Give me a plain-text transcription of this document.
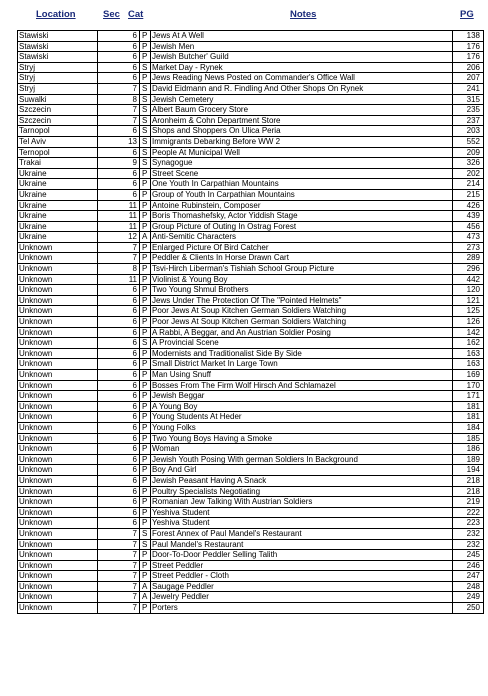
Location	Sec Cat	Notes	PG
Stawiski	6	P	Jews At A Well	138
Stawiski	6	P	Jewish Men	176
Stawiski	6	P	Jewish Butcher' Guild	176
Stryj	6	S	Market Day - Rynek	206
Stryj	6	P	Jews Reading News Posted on Commander's Office Wall	207
Stryj	7	S	David Eidmann and R. Findling And Other Shops On Rynek	241
Suwalki	8	S	Jewish Cemetery	315
Szczecin	7	S	Albert Baum Grocery Store	235
Szczecin	7	S	Aronheim & Cohn Department Store	237
Tarnopol	6	S	Shops and Shoppers On Ulica Peria	203
Tel Aviv	13	S	Immigrants Debarking Before WW 2	552
Ternopol	6	S	People At Municipal Well	209
Trakai	9	S	Synagogue	326
Ukraine	6	P	Street Scene	202
Ukraine	6	P	One Youth In Carpathian Mountains	214
Ukraine	6	P	Group of Youth In Carpathian Mountains	215
Ukraine	11	P	Antoine Rubinstein, Composer	426
Ukraine	11	P	Boris Thomashefsky, Actor Yiddish Stage	439
Ukraine	11	P	Group Picture of Outing In Ostrag Forest	456
Ukraine	12	A	Anti-Semitic Characters	473
Unknown	7	P	Enlarged Picture Of Bird Catcher	273
Unknown	7	P	Peddler & Clients In Horse Drawn Cart	289
Unknown	8	P	Tsvi-Hirch Liberman's Tishiah School Group Picture	296
Unknown	11	P	Violinist & Young Boy	442
Unknown	6	P	Two Young Shmul Brothers	120
Unknown	6	P	Jews Under The Protection Of The "Pointed Helmets"	121
Unknown	6	P	Poor Jews At Soup Kitchen German Soldiers Watching	125
Unknown	6	P	Poor Jews At Soup Kitchen German Soldiers Watching	126
Unknown	6	P	A Rabbi, A Beggar, and An Austrian Soldier Posing	142
Unknown	6	S	A Provincial Scene	162
Unknown	6	P	Modernists and Traditionalist Side By Side	163
Unknown	6	P	Small District Market In Large Town	163
Unknown	6	P	Man Using Snuff	169
Unknown	6	P	Bosses From The Firm Wolf Hirsch And Schlamazel	170
Unknown	6	P	Jewish Beggar	171
Unknown	6	P	A Young Boy	181
Unknown	6	P	Young Students At Heder	181
Unknown	6	P	Young Folks	184
Unknown	6	P	Two Young Boys Having a Smoke	185
Unknown	6	P	Woman	186
Unknown	6	P	Jewish Youth Posing With german Soldiers In Background	189
Unknown	6	P	Boy And Girl	194
Unknown	6	P	Jewish Peasant Having A Snack	218
Unknown	6	P	Poultry Specialists Negotiating	218
Unknown	6	P	Romanian Jew Talking With Austrian Soldiers	219
Unknown	6	P	Yeshiva Student	222
Unknown	6	P	Yeshiva Student	223
Unknown	7	S	Forest Annex of Paul Mandel's Restaurant	232
Unknown	7	S	Paul Mandel's Restaurant	232
Unknown	7	P	Door-To-Door Peddler Selling Talith	245
Unknown	7	P	Street Peddler	246
Unknown	7	P	Street Peddler - Cloth	247
Unknown	7	A	Saugage Peddler	248
Unknown	7	A	Jewelry Peddler	249
Unknown	7	P	Porters	250
